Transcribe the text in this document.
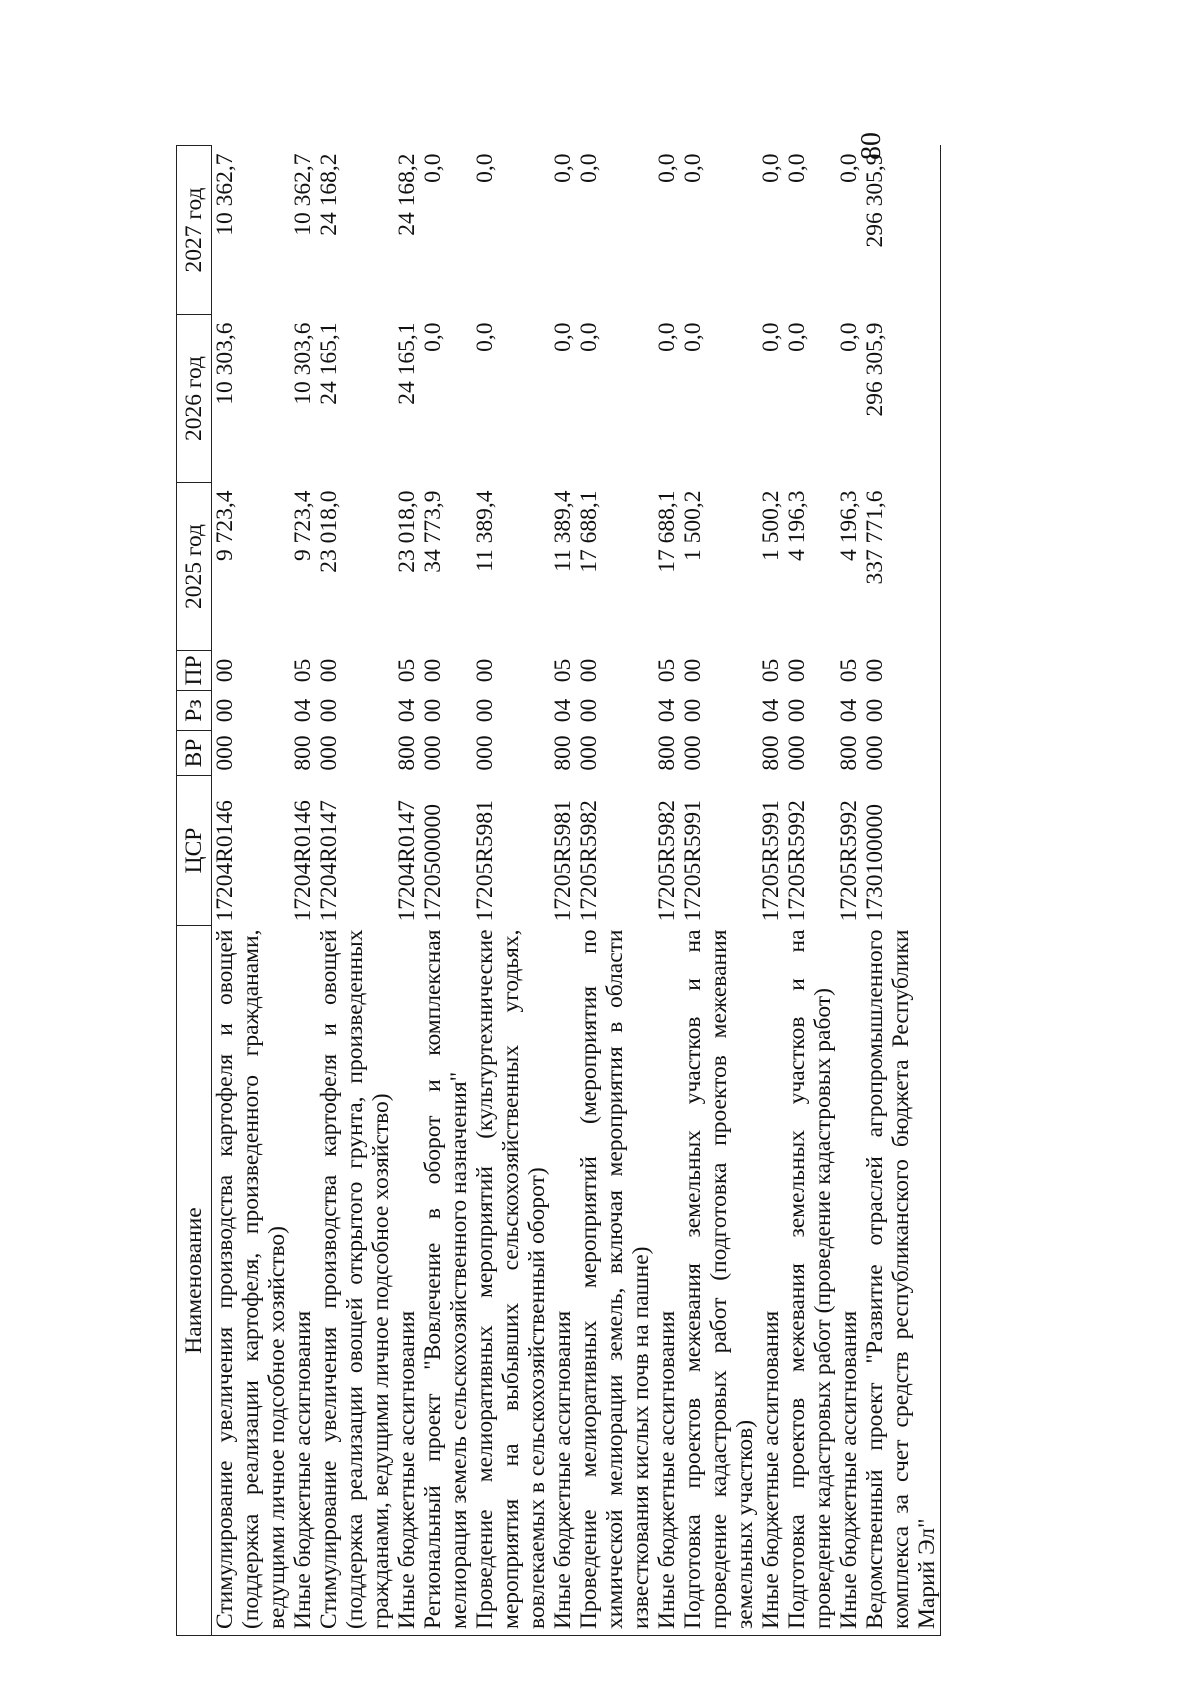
80
Наименование	ЦСР	ВР	Рз	ПР	2025 год	2026 год	2027 год
Стимулирование увеличения производства картофеля и овощей (поддержка реализации картофеля, произведенного гражданами, ведущими личное подсобное хозяйство)	17204R0146	000	00	00	9 723,4	10 303,6	10 362,7
Иные бюджетные ассигнования	17204R0146	800	04	05	9 723,4	10 303,6	10 362,7
Стимулирование увеличения производства картофеля и овощей (поддержка реализации овощей открытого грунта, произведенных гражданами, ведущими личное подсобное хозяйство)	17204R0147	000	00	00	23 018,0	24 165,1	24 168,2
Иные бюджетные ассигнования	17204R0147	800	04	05	23 018,0	24 165,1	24 168,2
Региональный проект "Вовлечение в оборот и комплексная мелиорация земель сельскохозяйственного назначения"	1720500000	000	00	00	34 773,9	0,0	0,0
Проведение мелиоративных мероприятий (культуртехнические мероприятия на выбывших сельскохозяйственных угодьях, вовлекаемых в сельскохозяйственный оборот)	17205R5981	000	00	00	11 389,4	0,0	0,0
Иные бюджетные ассигнования	17205R5981	800	04	05	11 389,4	0,0	0,0
Проведение мелиоративных мероприятий (мероприятия по химической мелиорации земель, включая мероприятия в области известкования кислых почв на пашне)	17205R5982	000	00	00	17 688,1	0,0	0,0
Иные бюджетные ассигнования	17205R5982	800	04	05	17 688,1	0,0	0,0
Подготовка проектов межевания земельных участков и на проведение кадастровых работ (подготовка проектов межевания земельных участков)	17205R5991	000	00	00	1 500,2	0,0	0,0
Иные бюджетные ассигнования	17205R5991	800	04	05	1 500,2	0,0	0,0
Подготовка проектов межевания земельных участков и на проведение кадастровых работ (проведение кадастровых работ)	17205R5992	000	00	00	4 196,3	0,0	0,0
Иные бюджетные ассигнования	17205R5992	800	04	05	4 196,3	0,0	0,0
Ведомственный проект "Развитие отраслей агропромышленного комплекса за счет средств республиканского бюджета Республики Марий Эл"	1730100000	000	00	00	337 771,6	296 305,9	296 305,9
